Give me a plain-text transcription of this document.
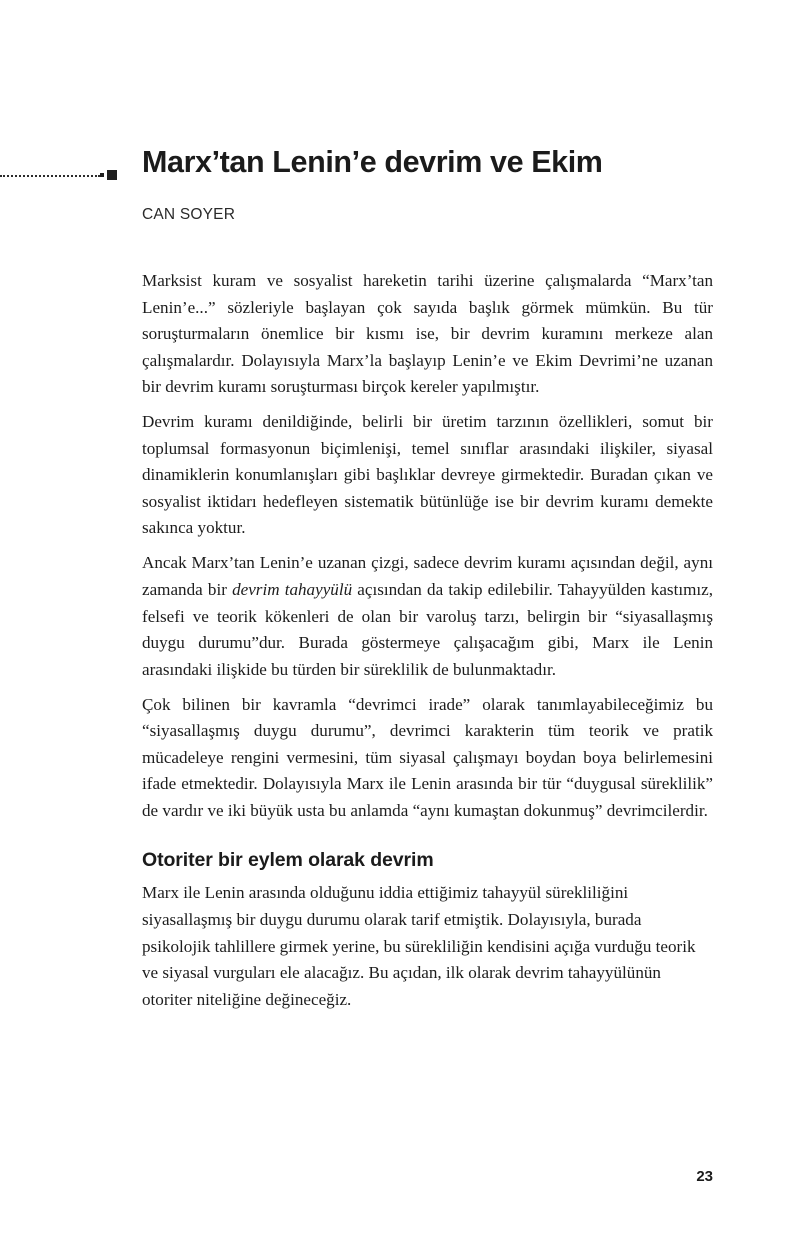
Marx’tan Lenin’e devrim ve Ekim

CAN SOYER

Marksist kuram ve sosyalist hareketin tarihi üzerine çalışmalarda “Marx’tan Lenin’e...” sözleriyle başlayan çok sayıda başlık görmek mümkün. Bu tür soruşturmaların önemlice bir kısmı ise, bir devrim kuramını merkeze alan çalışmalardır. Dolayısıyla Marx’la başlayıp Lenin’e ve Ekim Devrimi’ne uzanan bir devrim kuramı soruşturması birçok kereler yapılmıştır.

Devrim kuramı denildiğinde, belirli bir üretim tarzının özellikleri, somut bir toplumsal formasyonun biçimlenişi, temel sınıflar arasındaki ilişkiler, siyasal dinamiklerin konumlanışları gibi başlıklar devreye girmektedir. Buradan çıkan ve sosyalist iktidarı hedefleyen sistematik bütünlüğe ise bir devrim kuramı demekte sakınca yoktur.

Ancak Marx’tan Lenin’e uzanan çizgi, sadece devrim kuramı açısından değil, aynı zamanda bir devrim tahayyülü açısından da takip edilebilir. Tahayyülden kastımız, felsefi ve teorik kökenleri de olan bir varoluş tarzı, belirgin bir “siyasallaşmış duygu durumu”dur. Burada göstermeye çalışacağım gibi, Marx ile Lenin arasındaki ilişkide bu türden bir süreklilik de bulunmaktadır.

Çok bilinen bir kavramla “devrimci irade” olarak tanımlayabileceğimiz bu “siyasallaşmış duygu durumu”, devrimci karakterin tüm teorik ve pratik mücadeleye rengini vermesini, tüm siyasal çalışmayı boydan boya belirlemesini ifade etmektedir. Dolayısıyla Marx ile Lenin arasında bir tür “duygusal süreklilik” de vardır ve iki büyük usta bu anlamda “aynı kumaştan dokunmuş” devrimcilerdir.

Otoriter bir eylem olarak devrim

Marx ile Lenin arasında olduğunu iddia ettiğimiz tahayyül sürekliliğini siyasallaşmış bir duygu durumu olarak tarif etmiştik. Dolayısıyla, burada psikolojik tahlillere girmek yerine, bu sürekliliğin kendisini açığa vurduğu teorik ve siyasal vurguları ele alacağız. Bu açıdan, ilk olarak devrim tahayyülünün otoriter niteliğine değineceğiz.

23
